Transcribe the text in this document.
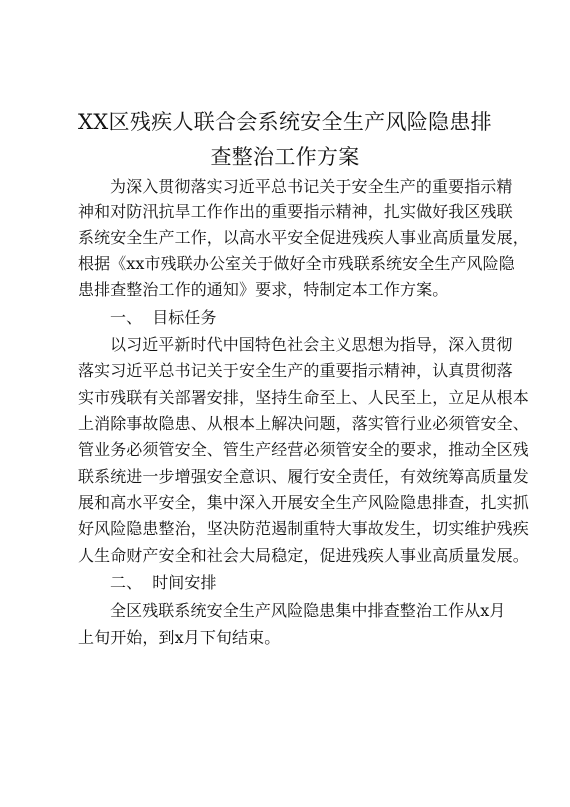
XX区残疾人联合会系统安全生产风险隐患排
查整治工作方案
为深入贯彻落实习近平总书记关于安全生产的重要指示精
神和对防汛抗旱工作作出的重要指示精神，扎实做好我区残联
系统安全生产工作，以高水平安全促进残疾人事业高质量发展，
根据《xx市残联办公室关于做好全市残联系统安全生产风险隐
患排查整治工作的通知》要求，特制定本工作方案。
一、 目标任务
以习近平新时代中国特色社会主义思想为指导，深入贯彻
落实习近平总书记关于安全生产的重要指示精神，认真贯彻落
实市残联有关部署安排，坚持生命至上、人民至上，立足从根本
上消除事故隐患、从根本上解决问题，落实管行业必须管安全、
管业务必须管安全、管生产经营必须管安全的要求，推动全区残
联系统进一步增强安全意识、履行安全责任，有效统筹高质量发
展和高水平安全，集中深入开展安全生产风险隐患排查，扎实抓
好风险隐患整治，坚决防范遏制重特大事故发生，切实维护残疾
人生命财产安全和社会大局稳定，促进残疾人事业高质量发展。
二、 时间安排
全区残联系统安全生产风险隐患集中排查整治工作从x月
上旬开始，到x月下旬结束。
